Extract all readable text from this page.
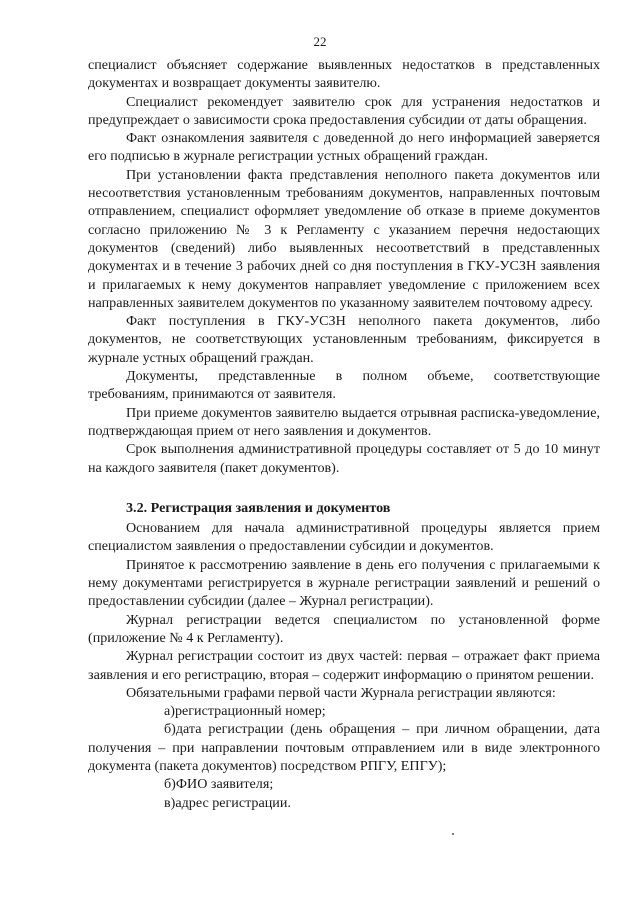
22

специалист объясняет содержание выявленных недостатков в представленных документах и возвращает документы заявителю.

Специалист рекомендует заявителю срок для устранения недостатков и предупреждает о зависимости срока предоставления субсидии от даты обращения.

Факт ознакомления заявителя с доведенной до него информацией заверяется его подписью в журнале регистрации устных обращений граждан.

При установлении факта представления неполного пакета документов или несоответствия установленным требованиям документов, направленных почтовым отправлением, специалист оформляет уведомление об отказе в приеме документов согласно приложению № 3 к Регламенту с указанием перечня недостающих документов (сведений) либо выявленных несоответствий в представленных документах и в течение 3 рабочих дней со дня поступления в ГКУ-УСЗН заявления и прилагаемых к нему документов направляет уведомление с приложением всех направленных заявителем документов по указанному заявителем почтовому адресу.

Факт поступления в ГКУ-УСЗН неполного пакета документов, либо документов, не соответствующих установленным требованиям, фиксируется в журнале устных обращений граждан.

Документы, представленные в полном объеме, соответствующие требованиям, принимаются от заявителя.

При приеме документов заявителю выдается отрывная расписка-уведомление, подтверждающая прием от него заявления и документов.

Срок выполнения административной процедуры составляет от 5 до 10 минут на каждого заявителя (пакет документов).

3.2. Регистрация заявления и документов

Основанием для начала административной процедуры является прием специалистом заявления о предоставлении субсидии и документов.

Принятое к рассмотрению заявление в день его получения с прилагаемыми к нему документами регистрируется в журнале регистрации заявлений и решений о предоставлении субсидии (далее – Журнал регистрации).

Журнал регистрации ведется специалистом по установленной форме (приложение № 4 к Регламенту).

Журнал регистрации состоит из двух частей: первая – отражает факт приема заявления и его регистрацию, вторая – содержит информацию о принятом решении.

Обязательными графами первой части Журнала регистрации являются:

а)регистрационный номер;

б)дата регистрации (день обращения – при личном обращении, дата получения – при направлении почтовым отправлением или в виде электронного документа (пакета документов) посредством РПГУ, ЕПГУ);

б)ФИО заявителя;

в)адрес регистрации.
